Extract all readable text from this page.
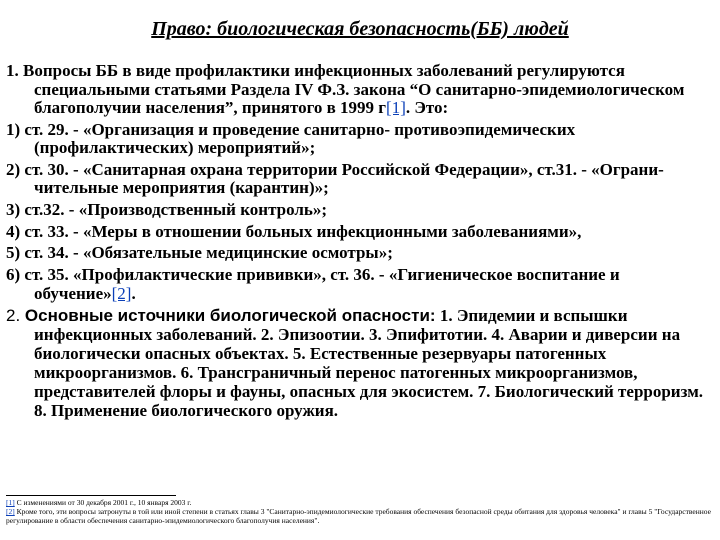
Право: биологическая безопасность(ББ) людей

1. Вопросы ББ в виде профилактики инфекционных заболеваний регулируются специальными статьями Раздела IV Ф.З. закона “О санитарно-эпидемиологическом благополучии населения”, принятого в 1999 г[1]. Это:

1) ст. 29. - «Организация и проведение санитарно- противоэпидемических (профилактических) мероприятий»;

2) ст. 30. - «Санитарная охрана территории Российской Федерации», ст.31. - «Ограни-чительные мероприятия (карантин)»;

3) ст.32. - «Производственный контроль»;

4) ст. 33. - «Меры в отношении больных инфекционными заболеваниями»,

5) ст. 34. - «Обязательные медицинские осмотры»;

6) ст. 35. «Профилактические прививки», ст. 36. - «Гигиеническое воспитание и обучение»[2].

2. Основные источники биологической опасности: 1. Эпидемии и вспышки инфекционных заболеваний. 2. Эпизоотии. 3. Эпифитотии. 4. Аварии и диверсии на биологически опасных объектах. 5. Естественные резервуары патогенных микроорганизмов. 6. Трансграничный перенос патогенных микроорганизмов, представителей флоры и фауны, опасных для экосистем. 7. Биологический терроризм. 8. Применение биологического оружия.

[1] С изменениями от 30 декабря 2001 г., 10 января 2003 г.
[2] Кроме того, эти вопросы затронуты в той или иной степени в статьях главы 3 "Санитарно-эпидемиологические требования обеспечения безопасной среды обитания для здоровья человека" и главы 5 "Государственное регулирование в области обеспечения санитарно-эпидемиологического благополучия населения".
